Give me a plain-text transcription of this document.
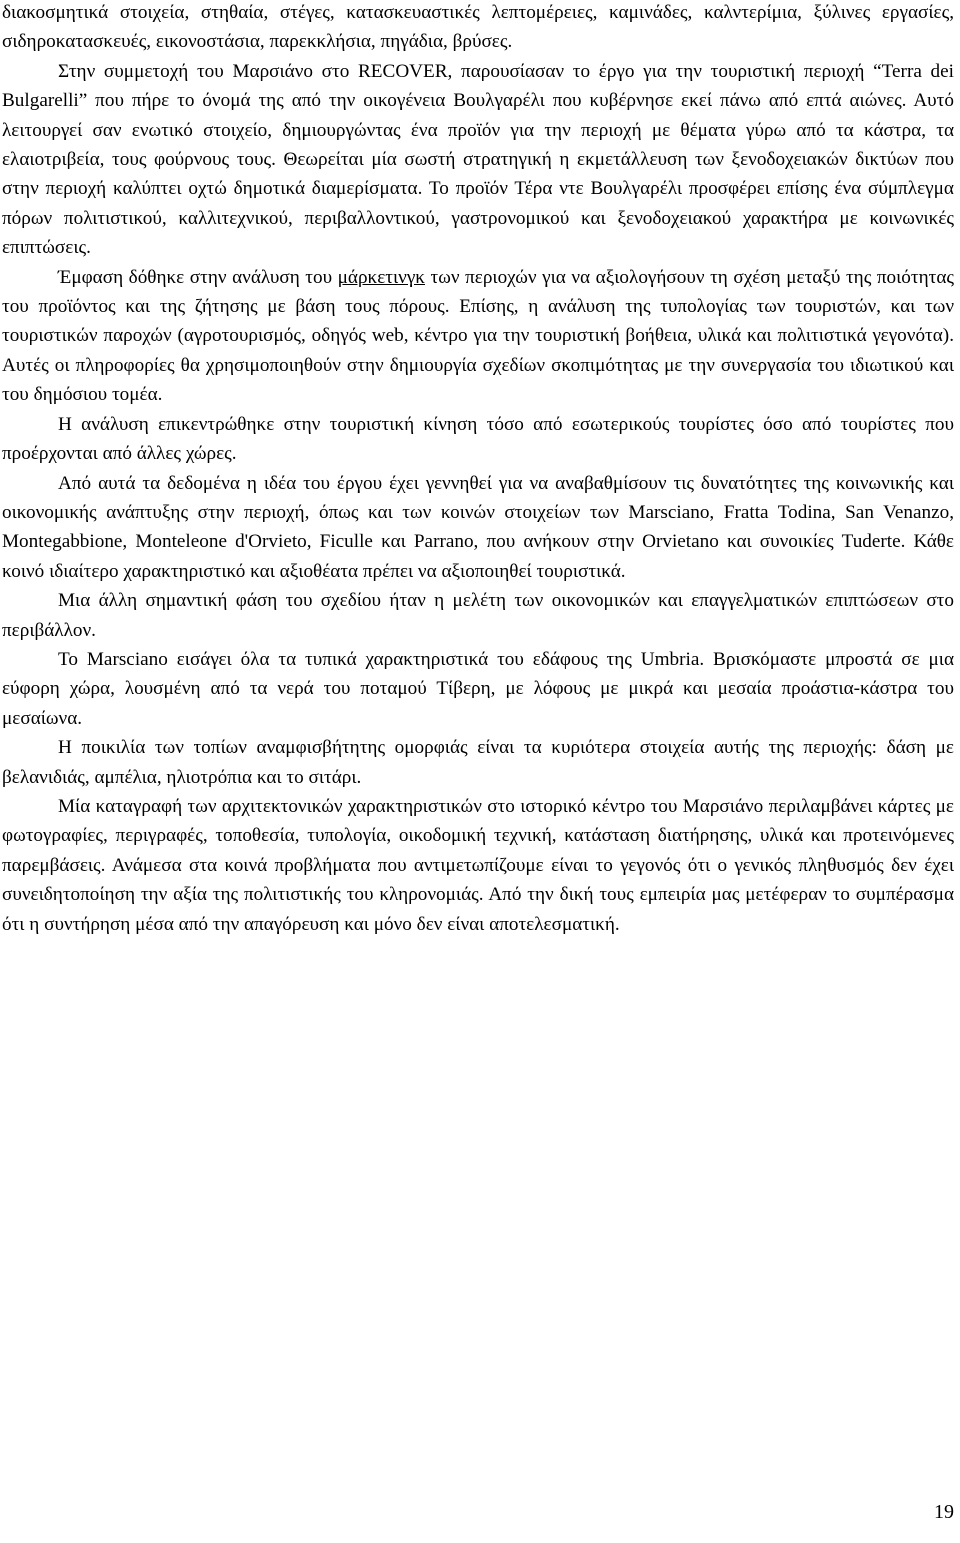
διακοσμητικά στοιχεία, στηθαία, στέγες, κατασκευαστικές λεπτομέρειες, καμινάδες, καλντερίμια, ξύλινες εργασίες, σιδηροκατασκευές, εικονοστάσια, παρεκκλήσια, πηγάδια, βρύσες.

Στην συμμετοχή του Μαρσιάνο στο RECOVER, παρουσίασαν το έργο για την τουριστική περιοχή “Terra dei Bulgarelli” που πήρε το όνομά της από την οικογένεια Βουλγαρέλι που κυβέρνησε εκεί πάνω από επτά αιώνες. Αυτό λειτουργεί σαν ενωτικό στοιχείο, δημιουργώντας ένα προϊόν για την περιοχή με θέματα γύρω από τα κάστρα, τα ελαιοτριβεία, τους φούρνους τους. Θεωρείται μία σωστή στρατηγική η εκμετάλλευση των ξενοδοχειακών δικτύων που στην περιοχή καλύπτει οχτώ δημοτικά διαμερίσματα. Το προϊόν Τέρα ντε Βουλγαρέλι προσφέρει επίσης ένα σύμπλεγμα πόρων πολιτιστικού, καλλιτεχνικού, περιβαλλοντικού, γαστρονομικού και ξενοδοχειακού χαρακτήρα με κοινωνικές επιπτώσεις.

Έμφαση δόθηκε στην ανάλυση του μάρκετινγκ των περιοχών για να αξιολογήσουν τη σχέση μεταξύ της ποιότητας του προϊόντος και της ζήτησης με βάση τους πόρους. Επίσης, η ανάλυση της τυπολογίας των τουριστών, και των τουριστικών παροχών (αγροτουρισμός, οδηγός web, κέντρο για την τουριστική βοήθεια, υλικά και πολιτιστικά γεγονότα). Αυτές οι πληροφορίες θα χρησιμοποιηθούν στην δημιουργία σχεδίων σκοπιμότητας με την συνεργασία του ιδιωτικού και του δημόσιου τομέα.

Η ανάλυση επικεντρώθηκε στην τουριστική κίνηση τόσο από εσωτερικούς τουρίστες όσο από τουρίστες που προέρχονται από άλλες χώρες.

Από αυτά τα δεδομένα η ιδέα του έργου έχει γεννηθεί για να αναβαθμίσουν τις δυνατότητες της κοινωνικής και οικονομικής ανάπτυξης στην περιοχή, όπως και των κοινών στοιχείων των Marsciano, Fratta Todina, San Venanzo, Montegabbione, Monteleone d'Orvieto, Ficulle και Parrano, που ανήκουν στην Orvietano και συνοικίες Tuderte. Κάθε κοινό ιδιαίτερο χαρακτηριστικό και αξιοθέατα πρέπει να αξιοποιηθεί τουριστικά.

Μια άλλη σημαντική φάση του σχεδίου ήταν η μελέτη των οικονομικών και επαγγελματικών επιπτώσεων στο περιβάλλον.

Το Marsciano εισάγει όλα τα τυπικά χαρακτηριστικά του εδάφους της Umbria. Βρισκόμαστε μπροστά σε μια εύφορη χώρα, λουσμένη από τα νερά του ποταμού Τίβερη, με λόφους με μικρά και μεσαία προάστια-κάστρα του μεσαίωνα.

Η ποικιλία των τοπίων αναμφισβήτητης ομορφιάς είναι τα κυριότερα στοιχεία αυτής της περιοχής: δάση με βελανιδιάς, αμπέλια, ηλιοτρόπια και το σιτάρι.

Μία καταγραφή των αρχιτεκτονικών χαρακτηριστικών στο ιστορικό κέντρο του Μαρσιάνο περιλαμβάνει κάρτες με φωτογραφίες, περιγραφές, τοποθεσία, τυπολογία, οικοδομική τεχνική, κατάσταση διατήρησης, υλικά και προτεινόμενες παρεμβάσεις. Ανάμεσα στα κοινά προβλήματα που αντιμετωπίζουμε είναι το γεγονός ότι ο γενικός πληθυσμός δεν έχει συνειδητοποίηση την αξία της πολιτιστικής του κληρονομιάς. Από την δική τους εμπειρία μας μετέφεραν το συμπέρασμα ότι η συντήρηση μέσα από την απαγόρευση και μόνο δεν είναι αποτελεσματική.

19
